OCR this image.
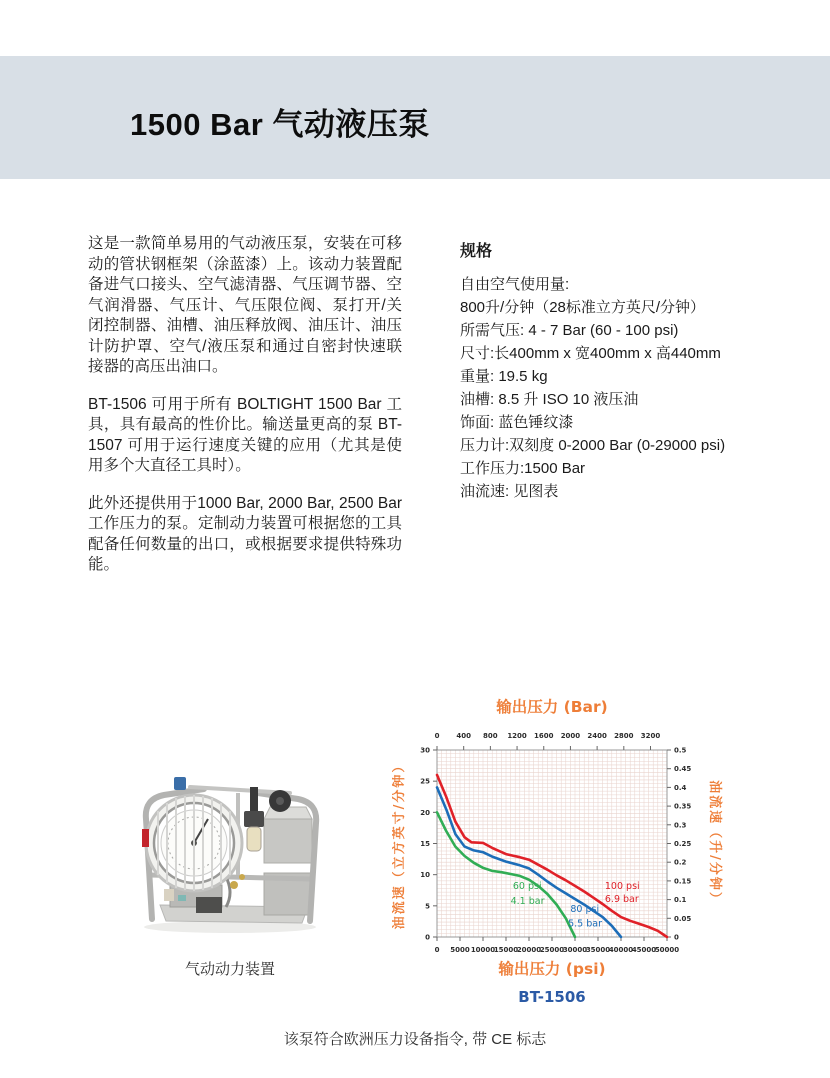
1500 Bar 气动液压泵

这是一款简单易用的气动液压泵，安装在可移动的管状钢框架（涂蓝漆）上。该动力装置配备进气口接头、空气滤清器、气压调节器、空气润滑器、气压计、气压限位阀、泵打开/关闭控制器、油槽、油压释放阀、油压计、油压计防护罩、空气/液压泵和通过自密封快速联接器的高压出油口。

BT-1506 可用于所有 BOLTIGHT 1500 Bar 工具，具有最高的性价比。输送量更高的泵 BT-1507 可用于运行速度关键的应用（尤其是使用多个大直径工具时）。

此外还提供用于1000 Bar, 2000 Bar, 2500 Bar 工作压力的泵。定制动力装置可根据您的工具配备任何数量的出口，或根据要求提供特殊功能。

规格
自由空气使用量:
800升/分钟（28标准立方英尺/分钟）
所需气压: 4 - 7 Bar (60 - 100 psi)
尺寸:长400mm x 宽400mm x 高440mm
重量: 19.5 kg
油槽: 8.5 升 ISO 10 液压油
饰面: 蓝色锤纹漆
压力计:双刻度 0-2000 Bar (0-29000 psi)
工作压力:1500 Bar
油流速: 见图表
气动动力装置
0 400 800 1200 1600 2000 2400 2800 3200
0 5000 10000
15000
20000
25000
30000
35000
40000
45000
50000
0
5
10
15
20
25
30
0
0.05
0.1
0.15
0.2
0.25
0.3
0.35
0.4
0.45
0.5
60 psi
4.1 bar
80 psi
5.5 bar
100 psi
6.9 bar
输出压力 (Bar)
输出压力 (psi)
油流速（立方英寸/分钟）	油流速（升/分钟）
BT-1506
该泵符合欧洲压力设备指令, 带 CE 标志
